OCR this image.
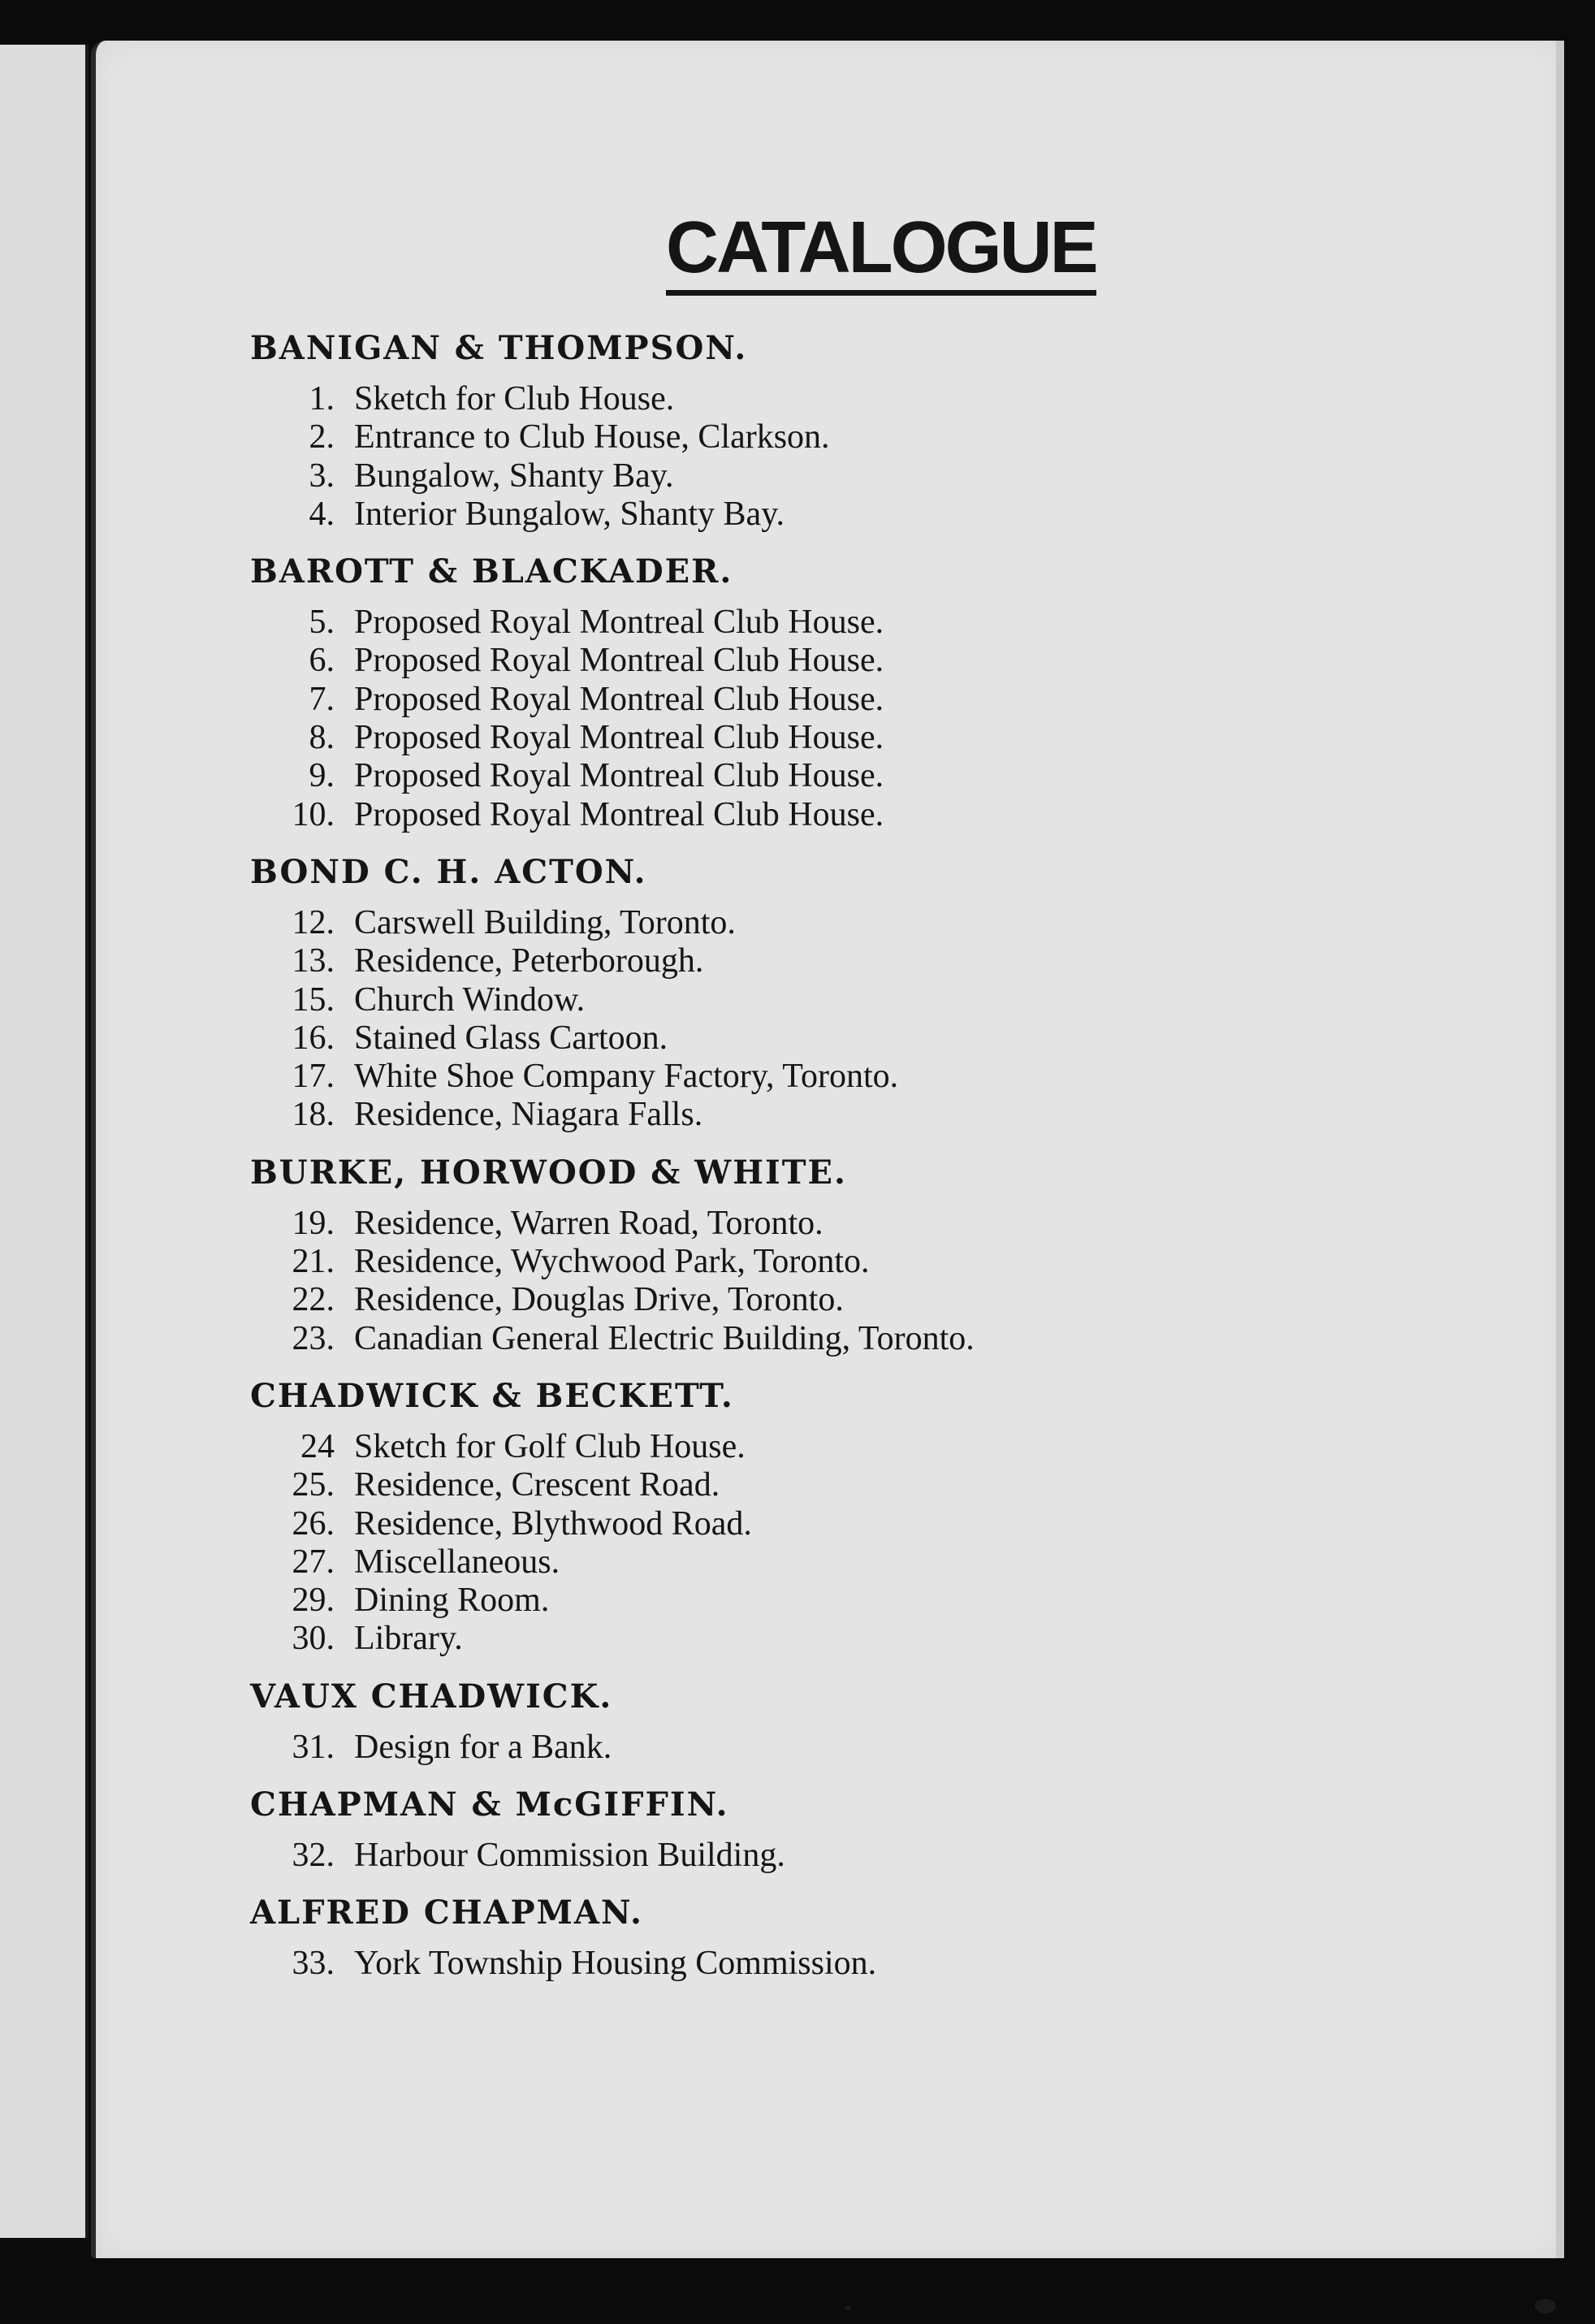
CATALOGUE
BANIGAN & THOMPSON.
1. Sketch for Club House.
2. Entrance to Club House, Clarkson.
3. Bungalow, Shanty Bay.
4. Interior Bungalow, Shanty Bay.
BAROTT & BLACKADER.
5. Proposed Royal Montreal Club House.
6. Proposed Royal Montreal Club House.
7. Proposed Royal Montreal Club House.
8. Proposed Royal Montreal Club House.
9. Proposed Royal Montreal Club House.
10. Proposed Royal Montreal Club House.
BOND C. H. ACTON.
12. Carswell Building, Toronto.
13. Residence, Peterborough.
15. Church Window.
16. Stained Glass Cartoon.
17. White Shoe Company Factory, Toronto.
18. Residence, Niagara Falls.
BURKE, HORWOOD & WHITE.
19. Residence, Warren Road, Toronto.
21. Residence, Wychwood Park, Toronto.
22. Residence, Douglas Drive, Toronto.
23. Canadian General Electric Building, Toronto.
CHADWICK & BECKETT.
24 Sketch for Golf Club House.
25. Residence, Crescent Road.
26. Residence, Blythwood Road.
27. Miscellaneous.
29. Dining Room.
30. Library.
VAUX CHADWICK.
31. Design for a Bank.
CHAPMAN & McGIFFIN.
32. Harbour Commission Building.
ALFRED CHAPMAN.
33. York Township Housing Commission.
